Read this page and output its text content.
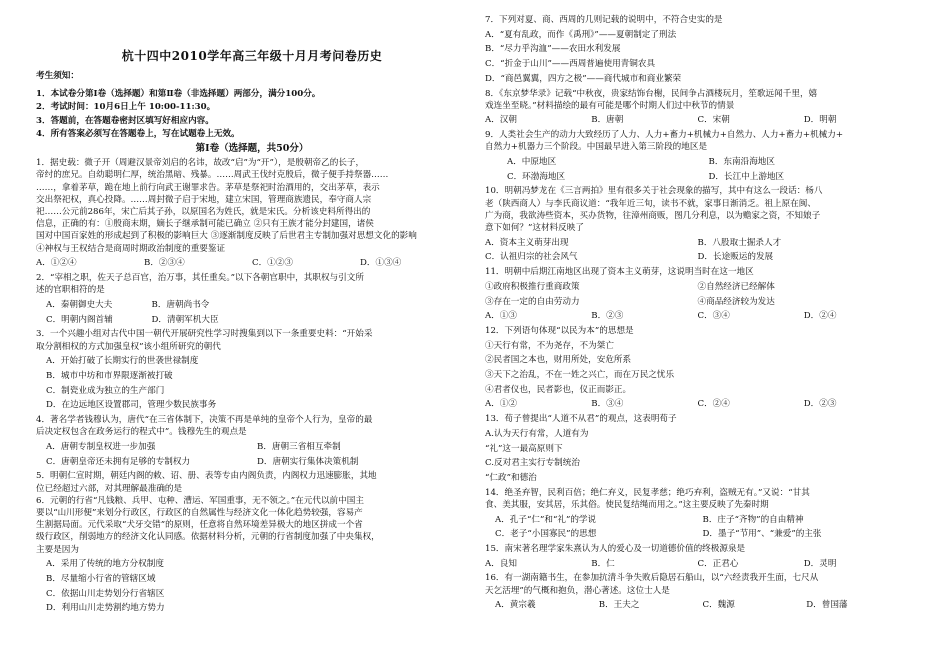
杭十四中2010学年高三年级十月月考问卷历史
考生须知：
1．本试卷分第Ⅰ卷（选择题）和第Ⅱ卷（非选择题）两部分，满分100分。
2．考试时间：10月6日上午 10:00-11:30。
3．答题前，在答题卷密封区填写好相应内容。
4．所有答案必须写在答题卷上，写在试题卷上无效。
第Ⅰ卷（选择题，共50分）
1．据史载：微子开（周避汉景帝刘启的名讳，故改“启”为“开”），是殷朝帝乙的长子，
帝纣的庶兄。自幼聪明仁厚，统治黑暗、残暴。……周武王伐纣克殷后，微子便手持祭器……
……，拿着茅草，跪在地上前行向武王谢罪求告。茅草是祭祀时治酒用的，交出茅草，表示
交出祭祀权，真心投降。……周封微子启于宋地，建立宋国，管理商族遗民，奉守商人宗
祀……公元前286年，宋亡后其子孙，以原国名为姓氏，就是宋氏。分析该史料所得出的
信息，正确的有：①殷商末期，嫡长子继承制可能已确立 ②只有王族才能分封建国，诸侯
国对中国百家姓的形成起到了积极的影响巨大 ③逐渐制度反映了后世君主专制加强对思想文化的影响
④神权与王权结合是商周时期政治制度的重要鉴证
A．①②④	B．②③④	C．①②③	D．①③④
2．“宰相之职，佐天子总百官，治万事，其任重矣。”以下各朝官职中，其职权与引文所
述的官职相符的是
A．秦朝御史大夫	B．唐朝尚书令
C．明朝内阁首辅	D．清朝军机大臣
3．一个兴趣小组对古代中国一朝代开展研究性学习时搜集到以下一条重要史料：“开始采
取分割相权的方式加强皇权”该小组所研究的朝代
A．开始打破了长期实行的世袭世禄制度
B．城市中坊和市界限逐渐被打破
C．制瓷业成为独立的生产部门
D．在边远地区设置郡司，管理少数民族事务
4．著名学者钱穆认为，唐代“在三省体制下，决策不再是单纯的皇帝个人行为，皇帝的最
后决定权包含在政务运行的程式中”。钱穆先生的观点是
A．唐朝专制皇权进一步加强	B．唐朝三省相互牵制
C．唐朝皇帝还未拥有足够的专制权力	D．唐朝实行集体决策机制
5．明朝仁宣时期，朝廷内阁的敕、诏、册、表等专由内阁负责，内阁权力迅速膨胀，其地
位已经超过六部，对其理解最准确的是
6．元朝的行省“凡钱粮、兵甲、屯种、漕运、军国重事，无不领之。”在元代以前中国主
要以“山川形便”来划分行政区，行政区的自然属性与经济文化一体化趋势较强，容易产
生割据局面。元代采取“犬牙交错”的原则，任意将自然环境差异极大的地区拼成一个省
级行政区，削弱地方的经济文化认同感。依据材料分析，元朝的行省制度加强了中央集权，
主要是因为
A．采用了传统的地方分权制度
B．尽量缩小行省的管辖区域
C．依据山川走势划分行省辖区
D．利用山川走势割约地方势力
7．下列对夏、商、西周的几则记载的说明中，不符合史实的是
A．“夏有乱政，而作《禹刑》”——夏朝制定了刑法
B．“尽力乎沟洫”——农田水利发展
C．“折金于山川”——西周普遍使用青铜农具
D．“商邑翼翼，四方之极”——商代城市和商业繁荣
8．《东京梦华录》记载“中秋夜，贵家结饰台榭，民间争占酒楼玩月，笙歌远闻千里，嬉
戏连坐至晓。”材料描绘的最有可能是哪个时期人们过中秋节的情景
A．汉朝	B．唐朝	C．宋朝	D．明朝
9．人类社会生产的动力大致经历了人力、人力+畜力+机械力+自然力、人力+畜力+机械力+
自然力+机器力三个阶段。中国最早进入第三阶段的地区是
A．中原地区	B．东南沿海地区
C．环渤海地区	D．长江中上游地区
10．明朝冯梦龙在《三言两拍》里有很多关于社会现象的描写，其中有这么一段话：杨八
老（陕西商人）与李氏商议道：“我年近三旬，读书不就，家事日渐消乏。祖上原在闽、
广为商，我欲涛些资本，买办货物，往漳州商贩，图几分利息，以为赡家之资，不知娘子
意下如何？”这材料反映了
A．资本主义萌芽出现	B．八股取士掘杀人才
C．认祖归宗的社会风气	D．长途贩运的发展
11．明朝中后期江南地区出现了资本主义萌芽，这说明当时在这一地区
①政府积极推行重商政策	②自然经济已经解体
③存在一定的自由劳动力	④商品经济较为发达
A．①③	B．②③	C．③④	D．②④
12．下列语句体现“以民为本”的思想是
①天行有常，不为尧存，不为桀亡
②民者国之本也，财用所处，安危所系
③天下之治乱，不在一姓之兴亡，而在万民之忧乐
④君者仪也，民者影也，仪正而影正。
A．①②	B．③④	C．②④	D．②③
13．荀子曾提出“人道不从君”的观点，这表明荀子
A.认为天行有常，人道有为
“礼”这一最高原则下
C.反对君主实行专制统治
“仁政”和德治
14．绝圣弃智，民利百倍；绝仁弃义，民复孝慈；绝巧弃利，盗贼无有。”又说：“甘其
食、美其服，安其居，乐其俗。使民复结绳而用之。”这主要反映了先秦时期
A．孔子“仁”和“礼”的学说	B．庄子“齐物”的自由精神
C．老子“小国寡民”的思想	D．墨子“节用”、“兼爱”的主张
15．南宋著名理学家朱熹认为人的爱心及一切道德价值的终极源泉是
A．良知	B．仁	C．正君心	D．灵明
16．有一湖南籍书生，在参加抗清斗争失败后隐居石船山，以“六经责我开生面，七尺从
天乞活埋”的气概和抱负，潜心著述。这位士人是
A．黄宗羲	B．王夫之	C．魏源	D．曾国藩
